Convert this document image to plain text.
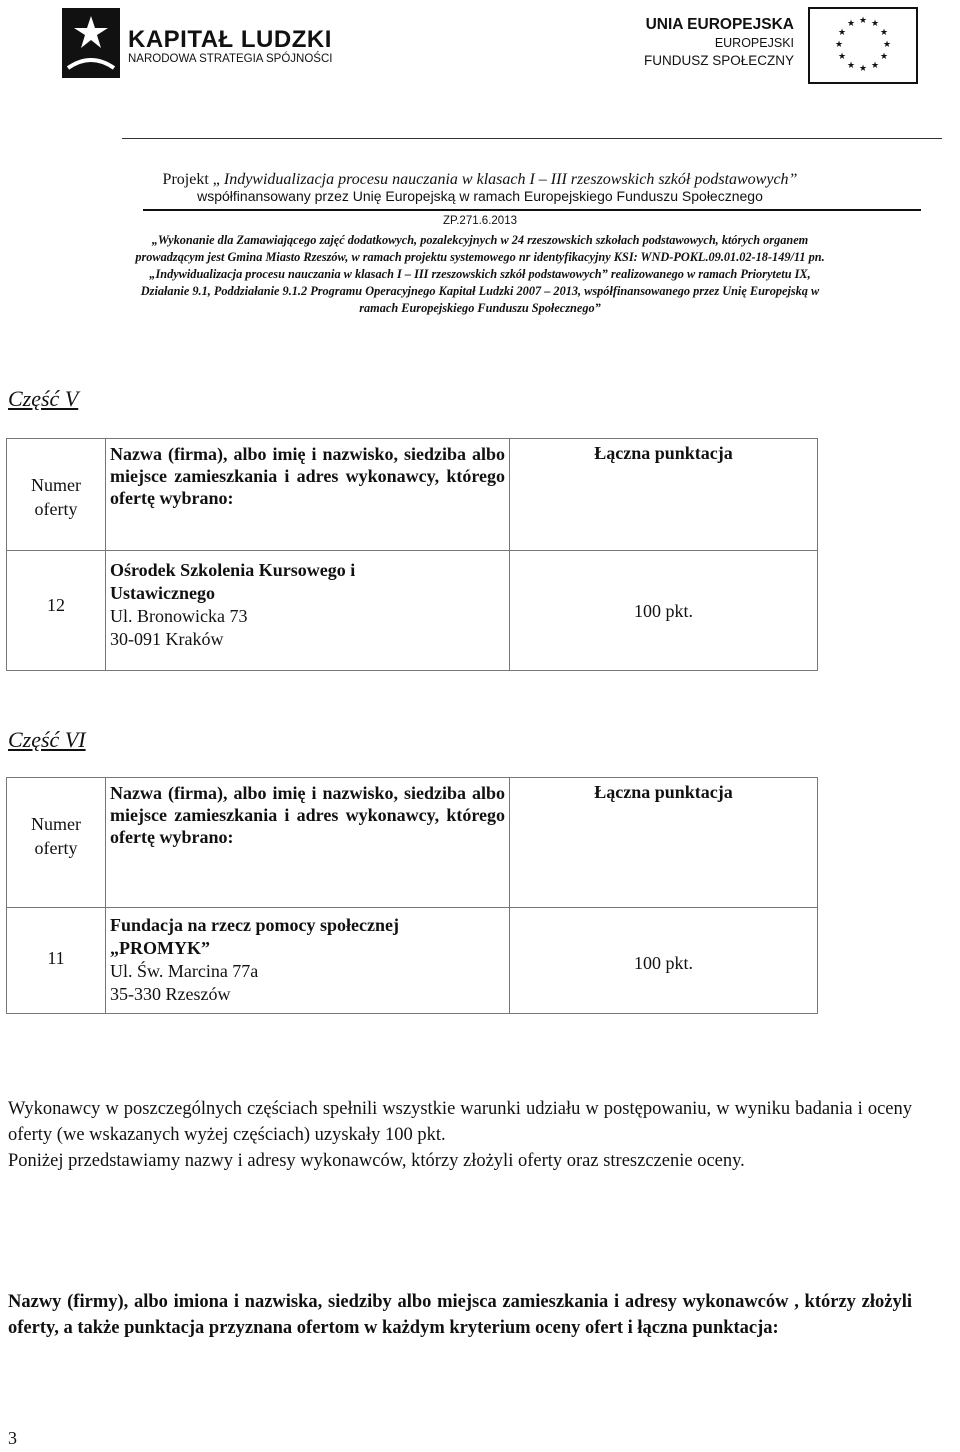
KAPITAŁ LUDZKI
NARODOWA STRATEGIA SPÓJNOŚCI
UNIA EUROPEJSKA
EUROPEJSKI
FUNDUSZ SPOŁECZNY
★ ★
★
★
★
★
★
★
★
★
★
★
Projekt „ Indywidualizacja procesu nauczania w klasach I – III rzeszowskich szkół podstawowych”
współfinansowany przez Unię Europejską w ramach Europejskiego Funduszu Społecznego
ZP.271.6.2013

„Wykonanie dla Zamawiającego zajęć dodatkowych, pozalekcyjnych w 24 rzeszowskich szkołach podstawowych, których organem

prowadzącym jest Gmina Miasto Rzeszów, w ramach projektu systemowego nr identyfikacyjny KSI: WND-POKL.09.01.02-18-149/11 pn.

„Indywidualizacja procesu nauczania w klasach I – III rzeszowskich szkół podstawowych” realizowanego w ramach Priorytetu IX,

Działanie 9.1, Poddziałanie 9.1.2 Programu Operacyjnego Kapitał Ludzki 2007 – 2013, współfinansowanego przez Unię Europejską w

ramach Europejskiego Funduszu Społecznego”

Część V
Numer
oferty	Nazwa (firma), albo imię i nazwisko, siedziba albo miejsce zamieszkania i adres wykonawcy, którego ofertę wybrano:	Łączna punktacja

12	Ośrodek Szkolenia Kursowego i
Ustawicznego
Ul. Bronowicka 73
30-091 Kraków	100 pkt.
Część VI
Numer
oferty	Nazwa (firma), albo imię i nazwisko, siedziba albo miejsce zamieszkania i adres wykonawcy, którego ofertę wybrano:	Łączna punktacja

11	Fundacja na rzecz pomocy społecznej
„PROMYK”
Ul. Św. Marcina 77a
35-330 Rzeszów	100 pkt.

Wykonawcy w poszczególnych częściach spełnili wszystkie warunki udziału w postępowaniu, w wyniku badania i oceny oferty (we wskazanych wyżej częściach) uzyskały 100 pkt.

Poniżej przedstawiamy nazwy i adresy wykonawców, którzy złożyli oferty oraz streszczenie oceny.

Nazwy (firmy), albo imiona i nazwiska, siedziby albo miejsca zamieszkania i adresy wykonawców , którzy złożyli oferty, a także punktacja przyznana ofertom w każdym kryterium oceny ofert i łączna punktacja:
3
